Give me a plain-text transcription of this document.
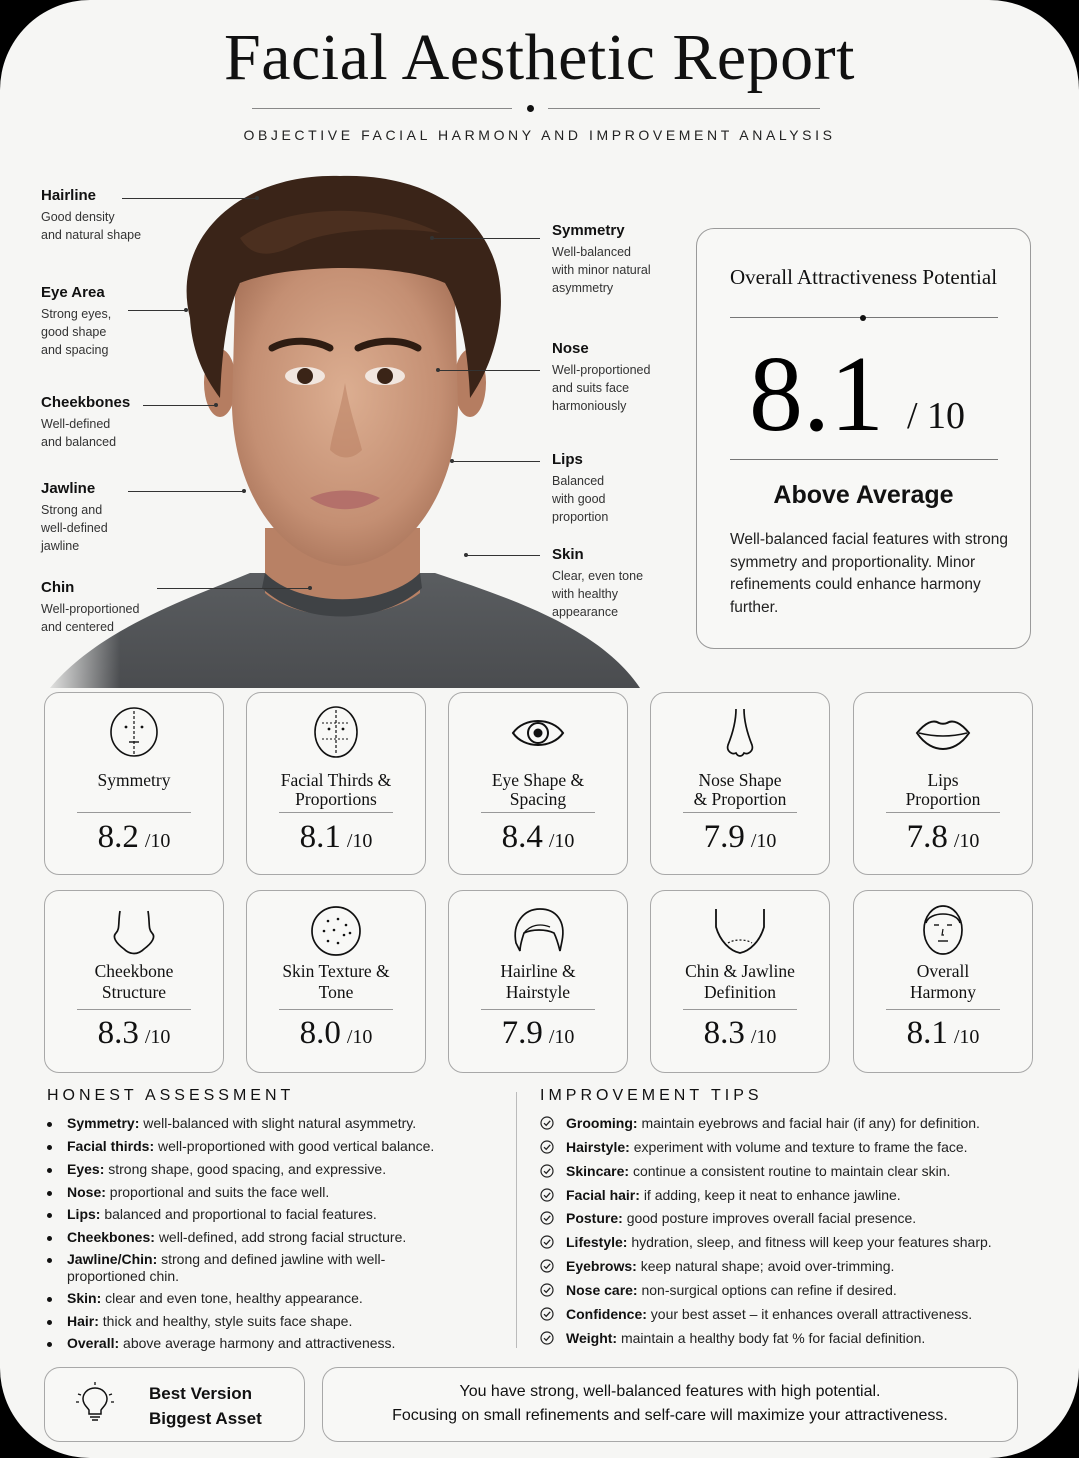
Facial Aesthetic Report
OBJECTIVE FACIAL HARMONY AND IMPROVEMENT ANALYSIS
Hairline
Good density
and natural shape
Eye Area
Strong eyes,
good shape
and spacing
Cheekbones
Well-defined
and balanced
Jawline
Strong and
well-defined
jawline
Chin
Well-proportioned
and centered
Symmetry
Well-balanced
with minor natural
asymmetry
Nose
Well-proportioned
and suits face
harmoniously
Lips
Balanced
with good
proportion
Skin
Clear, even tone
with healthy
appearance
Overall Attractiveness Potential
8.1 / 10
Above Average
Well-balanced facial features with strong symmetry and proportionality. Minor refinements could enhance harmony further.
Symmetry
8.2 /10
Facial Thirds &
Proportions
8.1 /10
Eye Shape &
Spacing
8.4 /10
Nose Shape
& Proportion
7.9 /10
Lips
Proportion
7.8 /10
Cheekbone
Structure
8.3 /10
Skin Texture &
Tone
8.0 /10
Hairline &
Hairstyle
7.9 /10
Chin & Jawline
Definition
8.3 /10
Overall
Harmony
8.1 /10
HONEST ASSESSMENT
Symmetry: well-balanced with slight natural asymmetry.
Facial thirds: well-proportioned with good vertical balance.
Eyes: strong shape, good spacing, and expressive.
Nose: proportional and suits the face well.
Lips: balanced and proportional to facial features.
Cheekbones: well-defined, add strong facial structure.
Jawline/Chin: strong and defined jawline with well-proportioned chin.
Skin: clear and even tone, healthy appearance.
Hair: thick and healthy, style suits face shape.
Overall: above average harmony and attractiveness.
IMPROVEMENT TIPS
Grooming: maintain eyebrows and facial hair (if any) for definition.
Hairstyle: experiment with volume and texture to frame the face.
Skincare: continue a consistent routine to maintain clear skin.
Facial hair: if adding, keep it neat to enhance jawline.
Posture: good posture improves overall facial presence.
Lifestyle: hydration, sleep, and fitness will keep your features sharp.
Eyebrows: keep natural shape; avoid over-trimming.
Nose care: non-surgical options can refine if desired.
Confidence: your best asset – it enhances overall attractiveness.
Weight: maintain a healthy body fat % for facial definition.
Best Version
Biggest Asset
You have strong, well-balanced features with high potential.
Focusing on small refinements and self-care will maximize your attractiveness.
